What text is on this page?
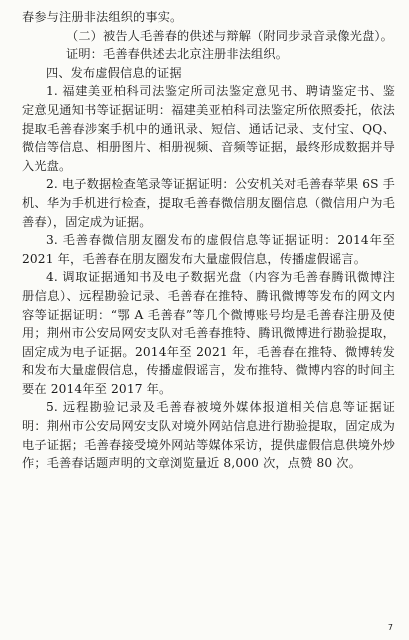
春参与注册非法组织的事实。

（二）被告人毛善春的供述与辩解（附同步录音录像光盘）。

证明：毛善春供述去北京注册非法组织。

四、发布虚假信息的证据

1. 福建美亚柏科司法鉴定所司法鉴定意见书、聘请鉴定书、鉴定意见通知书等证据证明：福建美亚柏科司法鉴定所依照委托，依法提取毛善春涉案手机中的通讯录、短信、通话记录、支付宝、QQ、微信等信息、相册图片、相册视频、音频等证据，最终形成数据并导入光盘。

2. 电子数据检查笔录等证据证明：公安机关对毛善春苹果 6S 手机、华为手机进行检查，提取毛善春微信朋友圈信息（微信用户为毛善春），固定成为证据。

3. 毛善春微信朋友圈发布的虚假信息等证据证明：2014年至 2021 年，毛善春在朋友圈发布大量虚假信息，传播虚假谣言。

4. 调取证据通知书及电子数据光盘（内容为毛善春腾讯微博注册信息）、远程勘验记录、毛善春在推特、腾讯微博等发布的网文内容等证据证明：“鄂 A 毛善春”等几个微博账号均是毛善春注册及使用；荆州市公安局网安支队对毛善春推特、腾讯微博进行勘验提取，固定成为电子证据。2014年至 2021 年，毛善春在推特、微博转发和发布大量虚假信息，传播虚假谣言，发布推特、微博内容的时间主要在 2014年至 2017 年。

5. 远程勘验记录及毛善春被境外媒体报道相关信息等证据证明：荆州市公安局网安支队对境外网站信息进行勘验提取，固定成为电子证据；毛善春接受境外网站等媒体采访，提供虚假信息供境外炒作；毛善春话题声明的文章浏览量近 8,000 次，点赞 80 次。

7
